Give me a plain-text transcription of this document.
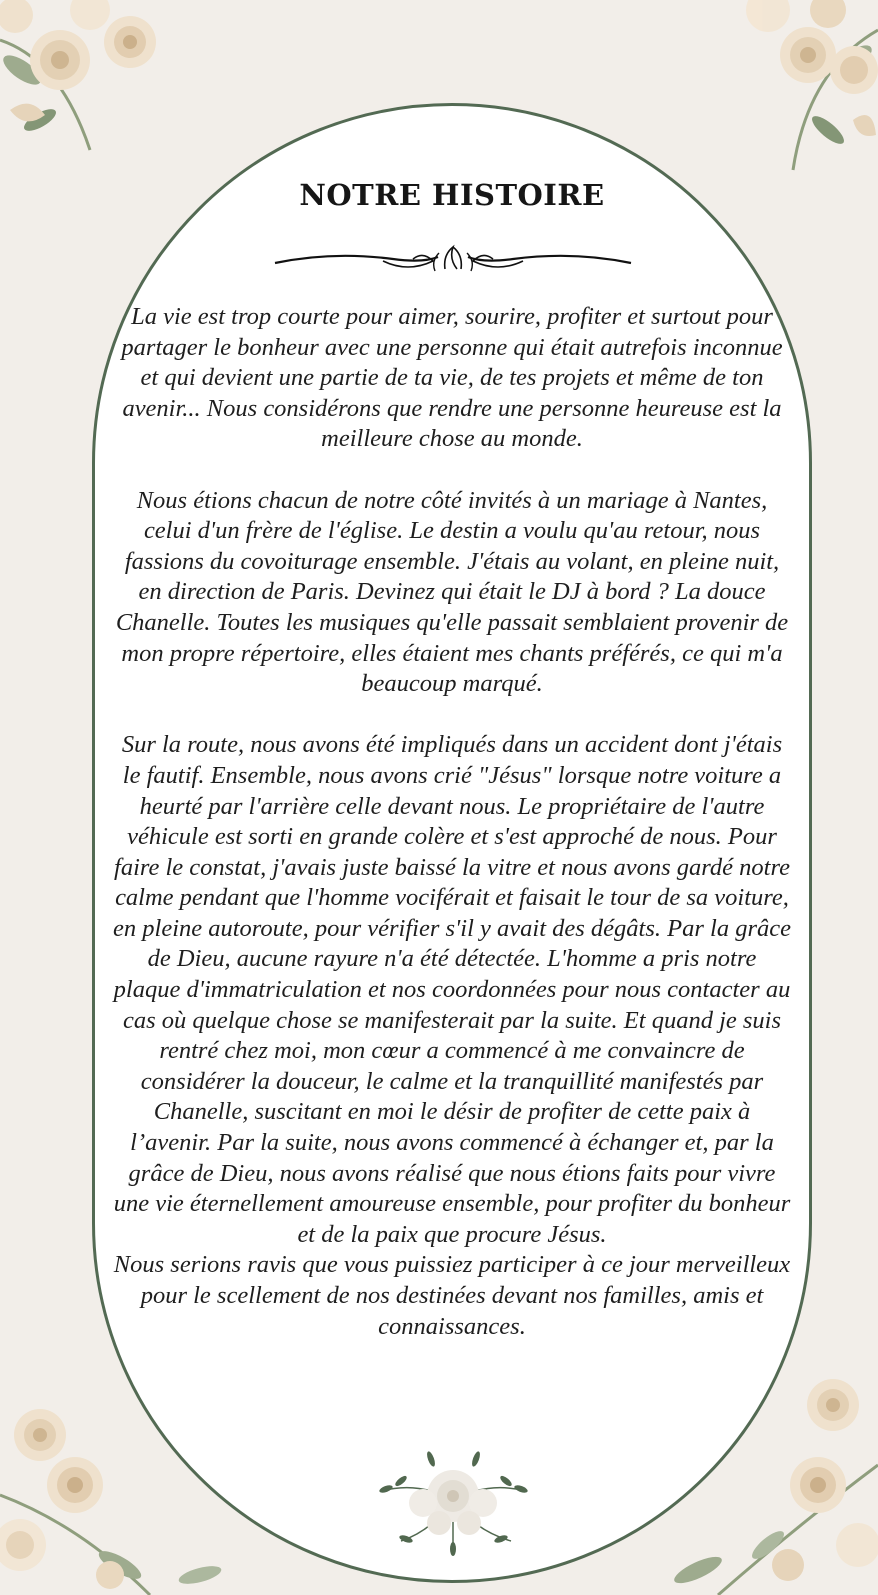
NOTRE HISTOIRE

La vie est trop courte pour aimer, sourire, profiter et surtout pour partager le bonheur avec une personne qui était autrefois inconnue et qui devient une partie de ta vie, de tes projets et même de ton avenir... Nous considérons que rendre une personne heureuse est la meilleure chose au monde.

Nous étions chacun de notre côté invités à un mariage à Nantes, celui d'un frère de l'église. Le destin a voulu qu'au retour, nous fassions du covoiturage ensemble. J'étais au volant, en pleine nuit, en direction de Paris. Devinez qui était le DJ à bord ? La douce Chanelle. Toutes les musiques qu'elle passait semblaient provenir de mon propre répertoire, elles étaient mes chants préférés, ce qui m'a beaucoup marqué.

Sur la route, nous avons été impliqués dans un accident dont j'étais le fautif. Ensemble, nous avons crié "Jésus" lorsque notre voiture a heurté par l'arrière celle devant nous. Le propriétaire de l'autre véhicule est sorti en grande colère et s'est approché de nous. Pour faire le constat, j'avais juste baissé la vitre et nous avons gardé notre calme pendant que l'homme vociférait et faisait le tour de sa voiture, en pleine autoroute, pour vérifier s'il y avait des dégâts. Par la grâce de Dieu, aucune rayure n'a été détectée. L'homme a pris notre plaque d'immatriculation et nos coordonnées pour nous contacter au cas où quelque chose se manifesterait par la suite. Et quand je suis rentré chez moi, mon cœur a commencé à me convaincre de considérer la douceur, le calme et la tranquillité manifestés par Chanelle, suscitant en moi le désir de profiter de cette paix à l’avenir. Par la suite, nous avons commencé à échanger et, par la grâce de Dieu, nous avons réalisé que nous étions faits pour vivre une vie éternellement amoureuse ensemble, pour profiter du bonheur et de la paix que procure Jésus.

Nous serions ravis que vous puissiez participer à ce jour merveilleux pour le scellement de nos destinées devant nos familles, amis et connaissances.
